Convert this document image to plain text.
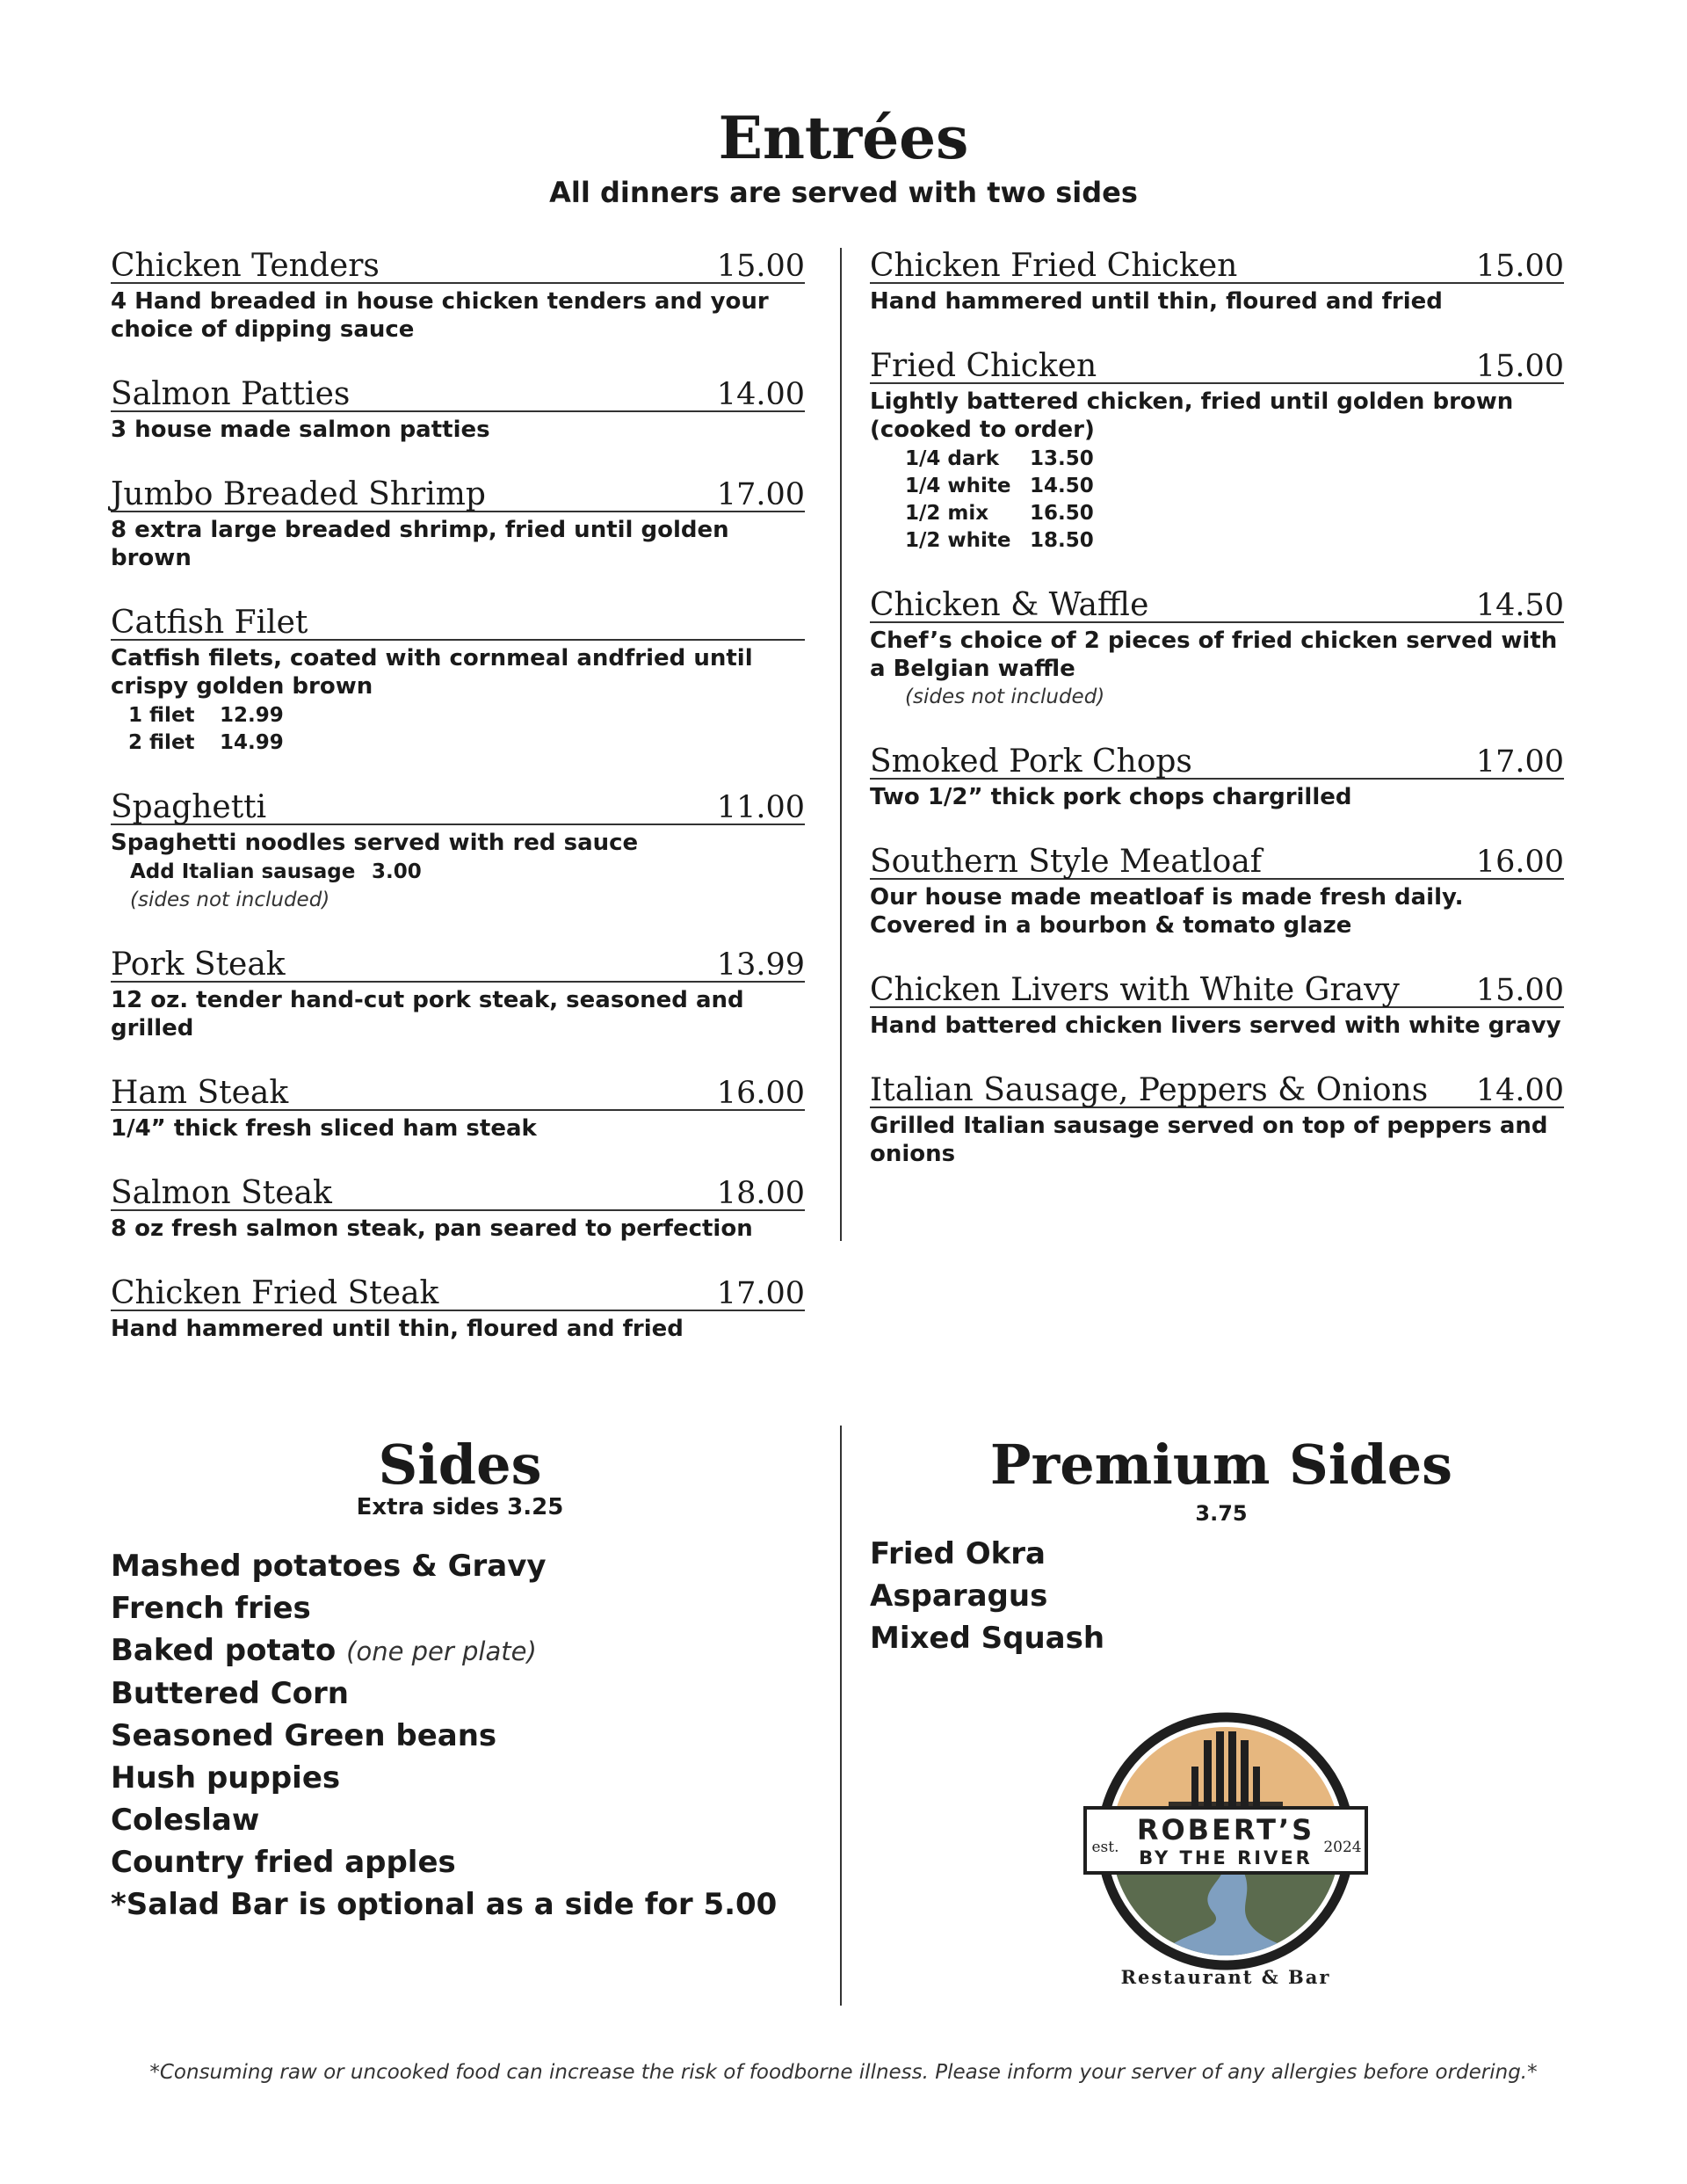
Entrées
All dinners are served with two sides
Chicken Tenders	15.00
4 Hand breaded in house chicken tenders and your choice of dipping sauce
Salmon Patties	14.00
3 house made salmon patties
Jumbo Breaded Shrimp	17.00
8 extra large breaded shrimp, fried until golden brown
Catfish Filet
Catfish filets, coated with cornmeal andfried until crispy golden brown
1 filet	12.99
2 filet	14.99
Spaghetti	11.00
Spaghetti noodles served with red sauce
Add Italian sausage 3.00
(sides not included)
Pork Steak	13.99
12 oz. tender hand-cut pork steak, seasoned and grilled
Ham Steak	16.00
1/4” thick fresh sliced ham steak
Salmon Steak	18.00
8 oz fresh salmon steak, pan seared to perfection
Chicken Fried Steak	17.00
Hand hammered until thin, floured and fried
Chicken Fried Chicken	15.00
Hand hammered until thin, floured and fried
Fried Chicken	15.00
Lightly battered chicken, fried until golden brown (cooked to order)
1/4 dark	13.50
1/4 white 14.50
1/2 mix	16.50
1/2 white 18.50
Chicken & Waffle	14.50
Chef’s choice of 2 pieces of fried chicken served with a Belgian waffle
(sides not included)
Smoked Pork Chops	17.00
Two 1/2” thick pork chops chargrilled
Southern Style Meatloaf	16.00
Our house made meatloaf is made fresh daily. Covered in a bourbon & tomato glaze
Chicken Livers with White Gravy 15.00
Hand battered chicken livers served with white gravy
Italian Sausage, Peppers & Onions 14.00
Grilled Italian sausage served on top of peppers and onions
Sides
Extra sides 3.25
Mashed potatoes & Gravy
French fries
Baked potato (one per plate)
Buttered Corn
Seasoned Green beans
Hush puppies
Coleslaw
Country fried apples
*Salad Bar is optional as a side for 5.00
Premium Sides
3.75
Fried Okra
Asparagus
Mixed Squash
ROBERT’S
BY THE RIVER
est.	2024
Restaurant & Bar
*Consuming raw or uncooked food can increase the risk of foodborne illness. Please inform your server of any allergies before ordering.*
